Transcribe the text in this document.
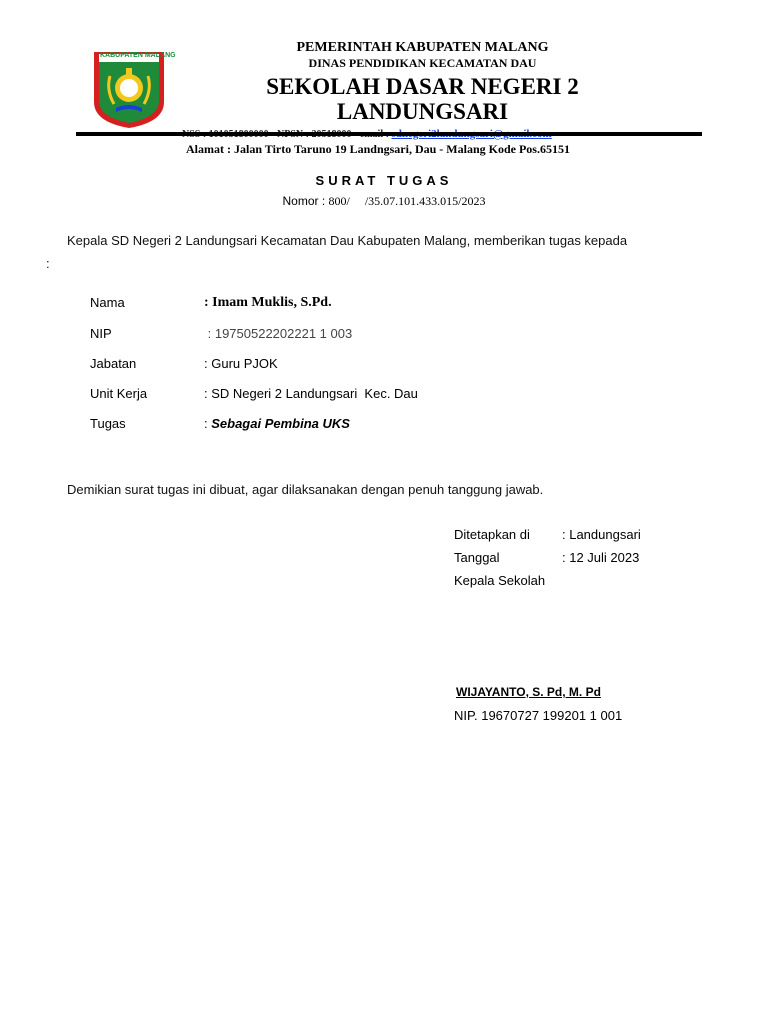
KABUPATEN MALANG
PEMERINTAH KABUPATEN MALANG
DINAS PENDIDIKAN KECAMATAN DAU
SEKOLAH DASAR NEGERI 2
LANDUNGSARI
Alamat : Jalan Tirto Taruno 19 Landngsari, Dau - Malang Kode Pos.65151
SURAT TUGAS
Nomor : 800/     /35.07.101.433.015/2023
Kepala SD Negeri 2 Landungsari Kecamatan Dau Kabupaten Malang, memberikan tugas kepada
:
Nama	: Imam Muklis, S.Pd.
NIP	: 19750522202221 1 003
Jabatan	: Guru PJOK
Unit Kerja	: SD Negeri 2 Landungsari  Kec. Dau
Tugas	: Sebagai Pembina UKS
Demikian surat tugas ini dibuat, agar dilaksanakan dengan penuh tanggung jawab.
Ditetapkan di : Landungsari
Tanggal	: 12 Juli 2023
Kepala Sekolah
WIJAYANTO, S. Pd, M. Pd
NIP. 19670727 199201 1 001
